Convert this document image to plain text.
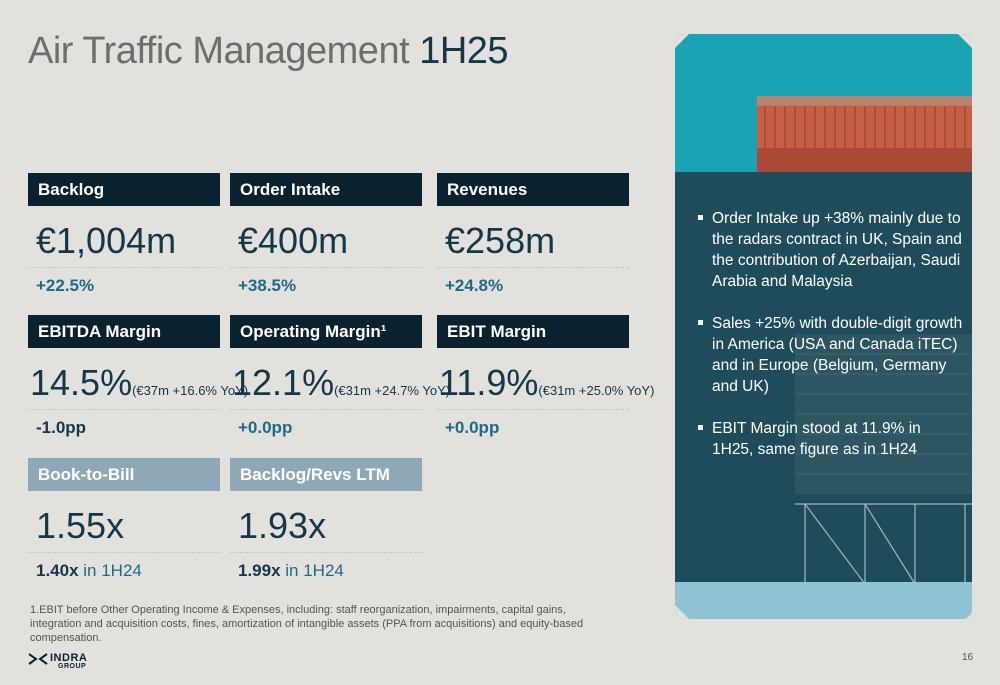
Air Traffic Management 1H25
Backlog
€1,004m
+22.5%
Order Intake
€400m
+38.5%
Revenues
€258m
+24.8%
EBITDA Margin
14.5%(€37m +16.6% YoY)
-1.0pp
Operating Margin¹
12.1%(€31m +24.7% YoY)
+0.0pp
EBIT Margin
11.9%(€31m +25.0% YoY)
+0.0pp
Book-to-Bill
1.55x
1.40x in 1H24
Backlog/Revs LTM
1.93x
1.99x in 1H24
Order Intake up +38% mainly due to the radars contract in UK, Spain and the contribution of Azerbaijan, Saudi Arabia and Malaysia
Sales +25% with double-digit growth in America (USA and Canada iTEC) and in Europe (Belgium, Germany and UK)
EBIT Margin stood at 11.9% in 1H25, same figure as in 1H24

1.EBIT before Other Operating Income & Expenses, including: staff reorganization, impairments, capital gains, integration and acquisition costs, fines, amortization of intangible assets (PPA from acquisitions) and equity-based compensation.

INDRA
GROUP
16
